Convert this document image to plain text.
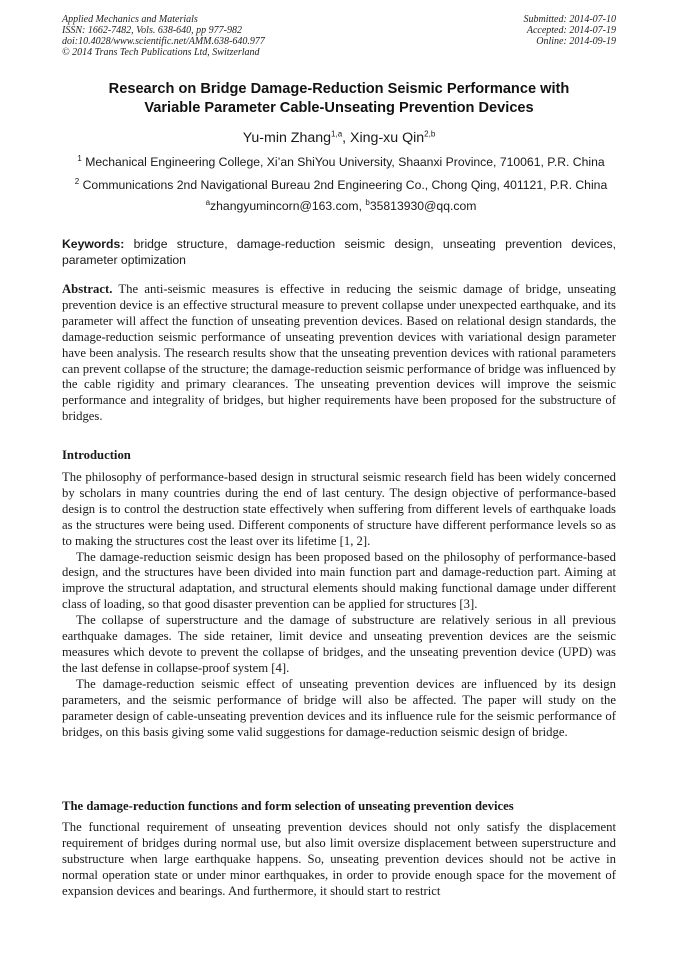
Applied Mechanics and Materials
ISSN: 1662-7482, Vols. 638-640, pp 977-982
doi:10.4028/www.scientific.net/AMM.638-640.977
© 2014 Trans Tech Publications Ltd, Switzerland
Submitted: 2014-07-10
Accepted: 2014-07-19
Online: 2014-09-19
Research on Bridge Damage-Reduction Seismic Performance with
Variable Parameter Cable-Unseating Prevention Devices
Yu-min Zhang$^{1,a}$, Xing-xu Qin$^{2,b}$
$^1$ Mechanical Engineering College, Xi’an ShiYou University, Shaanxi Province, 710061, P.R. China
$^2$ Communications 2nd Navigational Bureau 2nd Engineering Co., Chong Qing, 401121, P.R. China
$^a$zhangyumincorn@163.com, $^b$35813930@qq.com
Keywords: bridge structure, damage-reduction seismic design, unseating prevention devices, parameter optimization
Abstract. The anti-seismic measures is effective in reducing the seismic damage of bridge, unseating prevention device is an effective structural measure to prevent collapse under unexpected earthquake, and its parameter will affect the function of unseating prevention devices. Based on relational design standards, the damage-reduction seismic performance of unseating prevention devices with variational design parameter have been analysis. The research results show that the unseating prevention devices with rational parameters can prevent collapse of the structure; the damage-reduction seismic performance of bridge was influenced by the cable rigidity and primary clearances. The unseating prevention devices will improve the seismic performance and integrality of bridges, but higher requirements have been proposed for the substructure of bridges.
Introduction

The philosophy of performance-based design in structural seismic research field has been widely concerned by scholars in many countries during the end of last century. The design objective of performance-based design is to control the destruction state effectively when suffering from different levels of earthquake loads as the structures were being used. Different components of structure have different performance levels so as to making the structures cost the least over its lifetime [1, 2].

The damage-reduction seismic design has been proposed based on the philosophy of performance-based design, and the structures have been divided into main function part and damage-reduction part. Aiming at improve the structural adaptation, and structural elements should making functional damage under different class of loading, so that good disaster prevention can be applied for structures [3].

The collapse of superstructure and the damage of substructure are relatively serious in all previous earthquake damages. The side retainer, limit device and unseating prevention devices are the seismic measures which devote to prevent the collapse of bridges, and the unseating prevention device (UPD) was the last defense in collapse-proof system [4].

The damage-reduction seismic effect of unseating prevention devices are influenced by its design parameters, and the seismic performance of bridge will also be affected. The paper will study on the parameter design of cable-unseating prevention devices and its influence rule for the seismic performance of bridges, on this basis giving some valid suggestions for damage-reduction seismic design of bridge.

The damage-reduction functions and form selection of unseating prevention devices

The functional requirement of unseating prevention devices should not only satisfy the displacement requirement of bridges during normal use, but also limit oversize displacement between superstructure and substructure when large earthquake happens. So, unseating prevention devices should not be active in normal operation state or under minor earthquakes, in order to provide enough space for the movement of expansion devices and bearings. And furthermore, it should start to restrict
